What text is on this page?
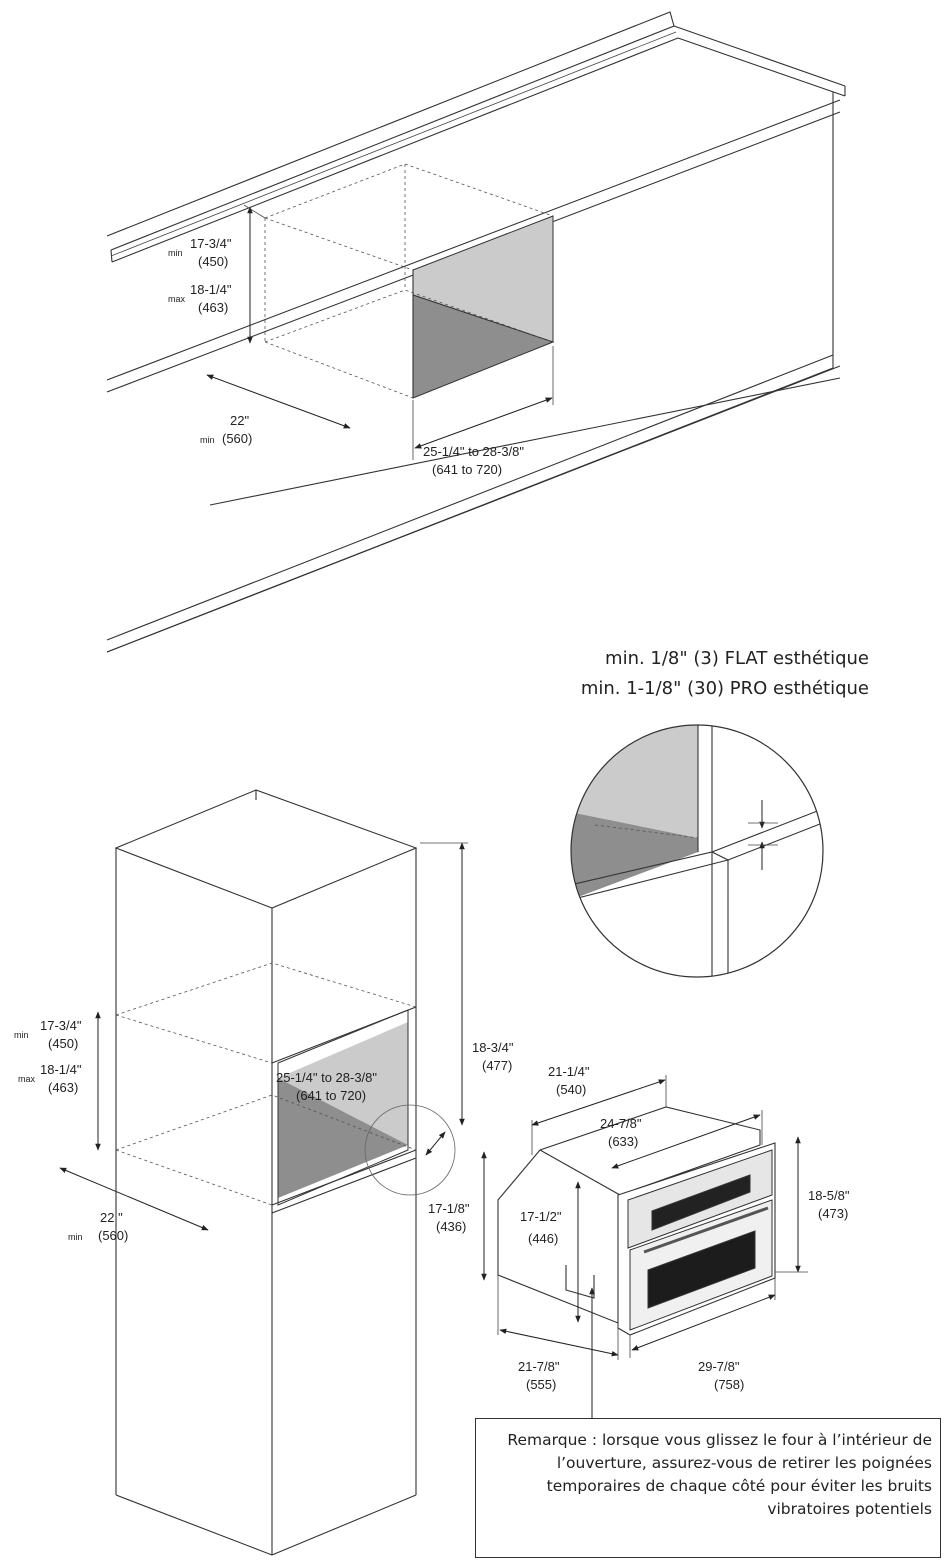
min
17-3/4"
(450)
max
18-1/4"
(463)
22"
min (560)
25-1/4" to 28-3/8"
(641 to 720)
min
17-3/4"
(450)
max
18-1/4"
(463)
22 "
min (560)
25-1/4" to 28-3/8"
(641 to 720)
18-3/4"
(477)	21-1/4"
(540)
24-7/8"
(633)
17-1/8"
(436)
17-1/2"
(446)
18-5/8"
(473)
21-7/8"
(555)
29-7/8"
(758)
min. 1/8" (3) FLAT esthétique
min. 1-1/8" (30) PRO esthétique
Remarque : lorsque vous glissez le four à l’intérieur de l’ouverture, assurez-vous de retirer les poignées temporaires de chaque côté pour éviter les bruits vibratoires potentiels
